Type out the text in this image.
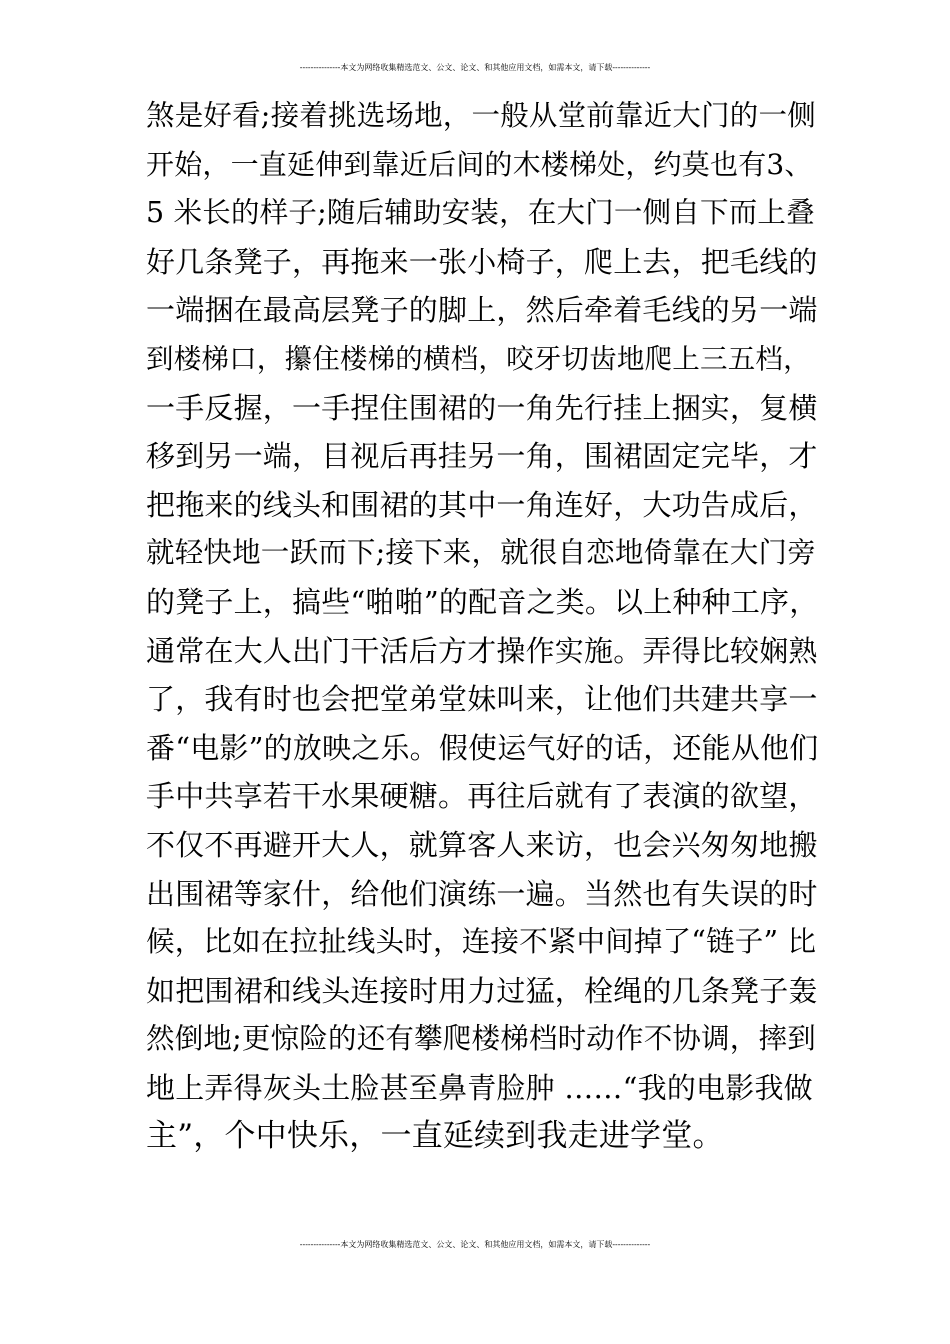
---------------本文为网络收集精选范文、公文、论文、和其他应用文档，如需本文，请下载--------------
煞是好看;接着挑选场地，一般从堂前靠近大门的一侧
开始，一直延伸到靠近后间的木楼梯处，约莫也有3、
5 米长的样子;随后辅助安装，在大门一侧自下而上叠
好几条凳子，再拖来一张小椅子，爬上去，把毛线的
一端捆在最高层凳子的脚上，然后牵着毛线的另一端
到楼梯口，攥住楼梯的横档，咬牙切齿地爬上三五档，
一手反握，一手捏住围裙的一角先行挂上捆实，复横
移到另一端，目视后再挂另一角，围裙固定完毕，才
把拖来的线头和围裙的其中一角连好，大功告成后，
就轻快地一跃而下;接下来，就很自恋地倚靠在大门旁
的凳子上，搞些“啪啪”的配音之类。以上种种工序，
通常在大人出门干活后方才操作实施。弄得比较娴熟
了，我有时也会把堂弟堂妹叫来，让他们共建共享一
番“电影”的放映之乐。假使运气好的话，还能从他们
手中共享若干水果硬糖。再往后就有了表演的欲望，
不仅不再避开大人，就算客人来访，也会兴匆匆地搬
出围裙等家什，给他们演练一遍。当然也有失误的时
候，比如在拉扯线头时，连接不紧中间掉了“链子” 比
如把围裙和线头连接时用力过猛，栓绳的几条凳子轰
然倒地;更惊险的还有攀爬楼梯档时动作不协调，摔到
地上弄得灰头土脸甚至鼻青脸肿 ……“我的电影我做
主”，个中快乐，一直延续到我走进学堂。
---------------本文为网络收集精选范文、公文、论文、和其他应用文档，如需本文，请下载--------------
